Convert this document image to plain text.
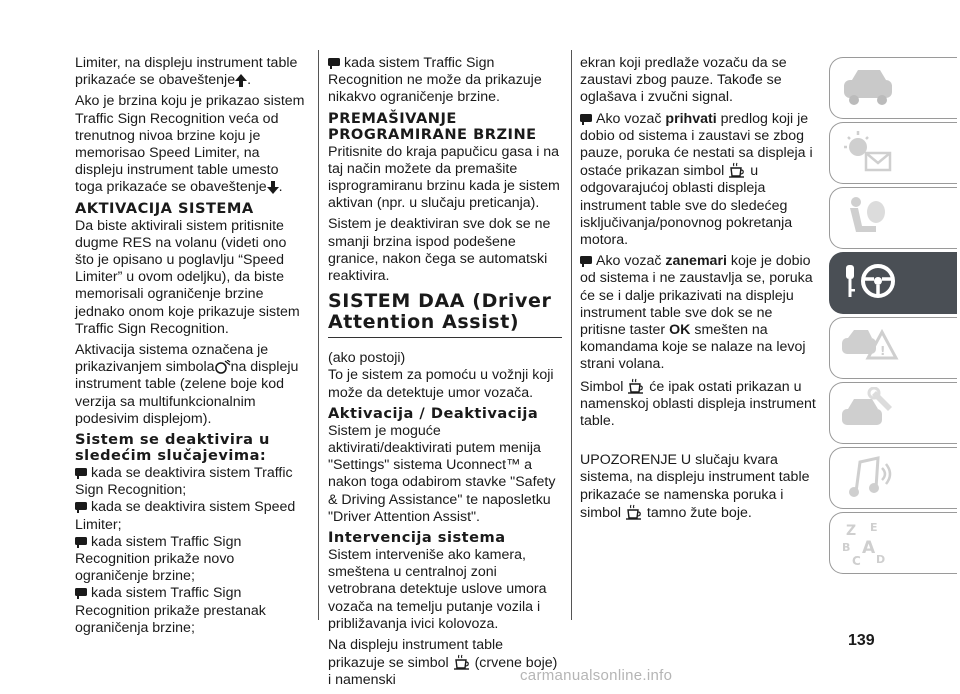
Limiter, na displeju instrument table prikazaće se obaveštenje .

Ako je brzina koju je prikazao sistem Traffic Sign Recognition veća od trenutnog nivoa brzine koju je memorisao Speed Limiter, na displeju instrument table umesto toga prikazaće se obaveštenje .

AKTIVACIJA SISTEMA

Da biste aktivirali sistem pritisnite dugme RES na volanu (videti ono što je opisano u poglavlju “Speed Limiter” u ovom odeljku), da biste memorisali ograničenje brzine jednako onom koje prikazuje sistem Traffic Sign Recognition.

Aktivacija sistema označena je prikazivanjem simbola na displeju instrument table (zelene boje kod verzija sa multifunkcionalnim podesivim displejom).

Sistem se deaktivira u sledećim slučajevima:
kada se deaktivira sistem Traffic Sign Recognition;
kada se deaktivira sistem Speed Limiter;
kada sistem Traffic Sign Recognition prikaže novo ograničenje brzine;
kada sistem Traffic Sign Recognition prikaže prestanak ograničenja brzine;

kada sistem Traffic Sign Recognition ne može da prikazuje nikakvo ograničenje brzine.

PREMAŠIVANJE PROGRAMIRANE BRZINE

Pritisnite do kraja papučicu gasa i na taj način možete da premašite isprogramiranu brzinu kada je sistem aktivan (npr. u slučaju preticanja).

Sistem je deaktiviran sve dok se ne smanji brzina ispod podešene granice, nakon čega se automatski reaktivira.

SISTEM DAA (Driver Attention Assist)

(ako postoji)

To je sistem za pomoću u vožnji koji može da detektuje umor vozača.

Aktivacija / Deaktivacija

Sistem je moguće aktivirati/deaktivirati putem menija "Settings" sistema Uconnect™ a nakon toga odabirom stavke "Safety & Driving Assistance" te naposletku "Driver Attention Assist".

Intervencija sistema

Sistem interveniše ako kamera, smeštena u centralnoj zoni vetrobrana detektuje uslove umora vozača na temelju putanje vozila i približavanja ivici kolovoza.

Na displeju instrument table prikazuje se simbol (crvene boje) i namenski

ekran koji predlaže vozaču da se zaustavi zbog pauze. Takođe se oglašava i zvučni signal.

Ako vozač prihvati predlog koji je dobio od sistema i zaustavi se zbog pauze, poruka će nestati sa displeja i ostaće prikazan simbol u odgovarajućoj oblasti displeja instrument table sve do sledećeg isključivanja/ponovnog pokretanja motora.

Ako vozač zanemari koje je dobio od sistema i ne zaustavlja se, poruka će se i dalje prikazivati na displeju instrument table sve dok se ne pritisne taster OK smešten na komandama koje se nalaze na levoj strani volana.

Simbol će ipak ostati prikazan u namenskoj oblasti displeja instrument table.

UPOZORENJE U slučaju kvara sistema, na displeju instrument table prikazaće se namenska poruka i simbol tamno žute boje.

!
Z E
B A
C D
139
carmanualsonline.info
